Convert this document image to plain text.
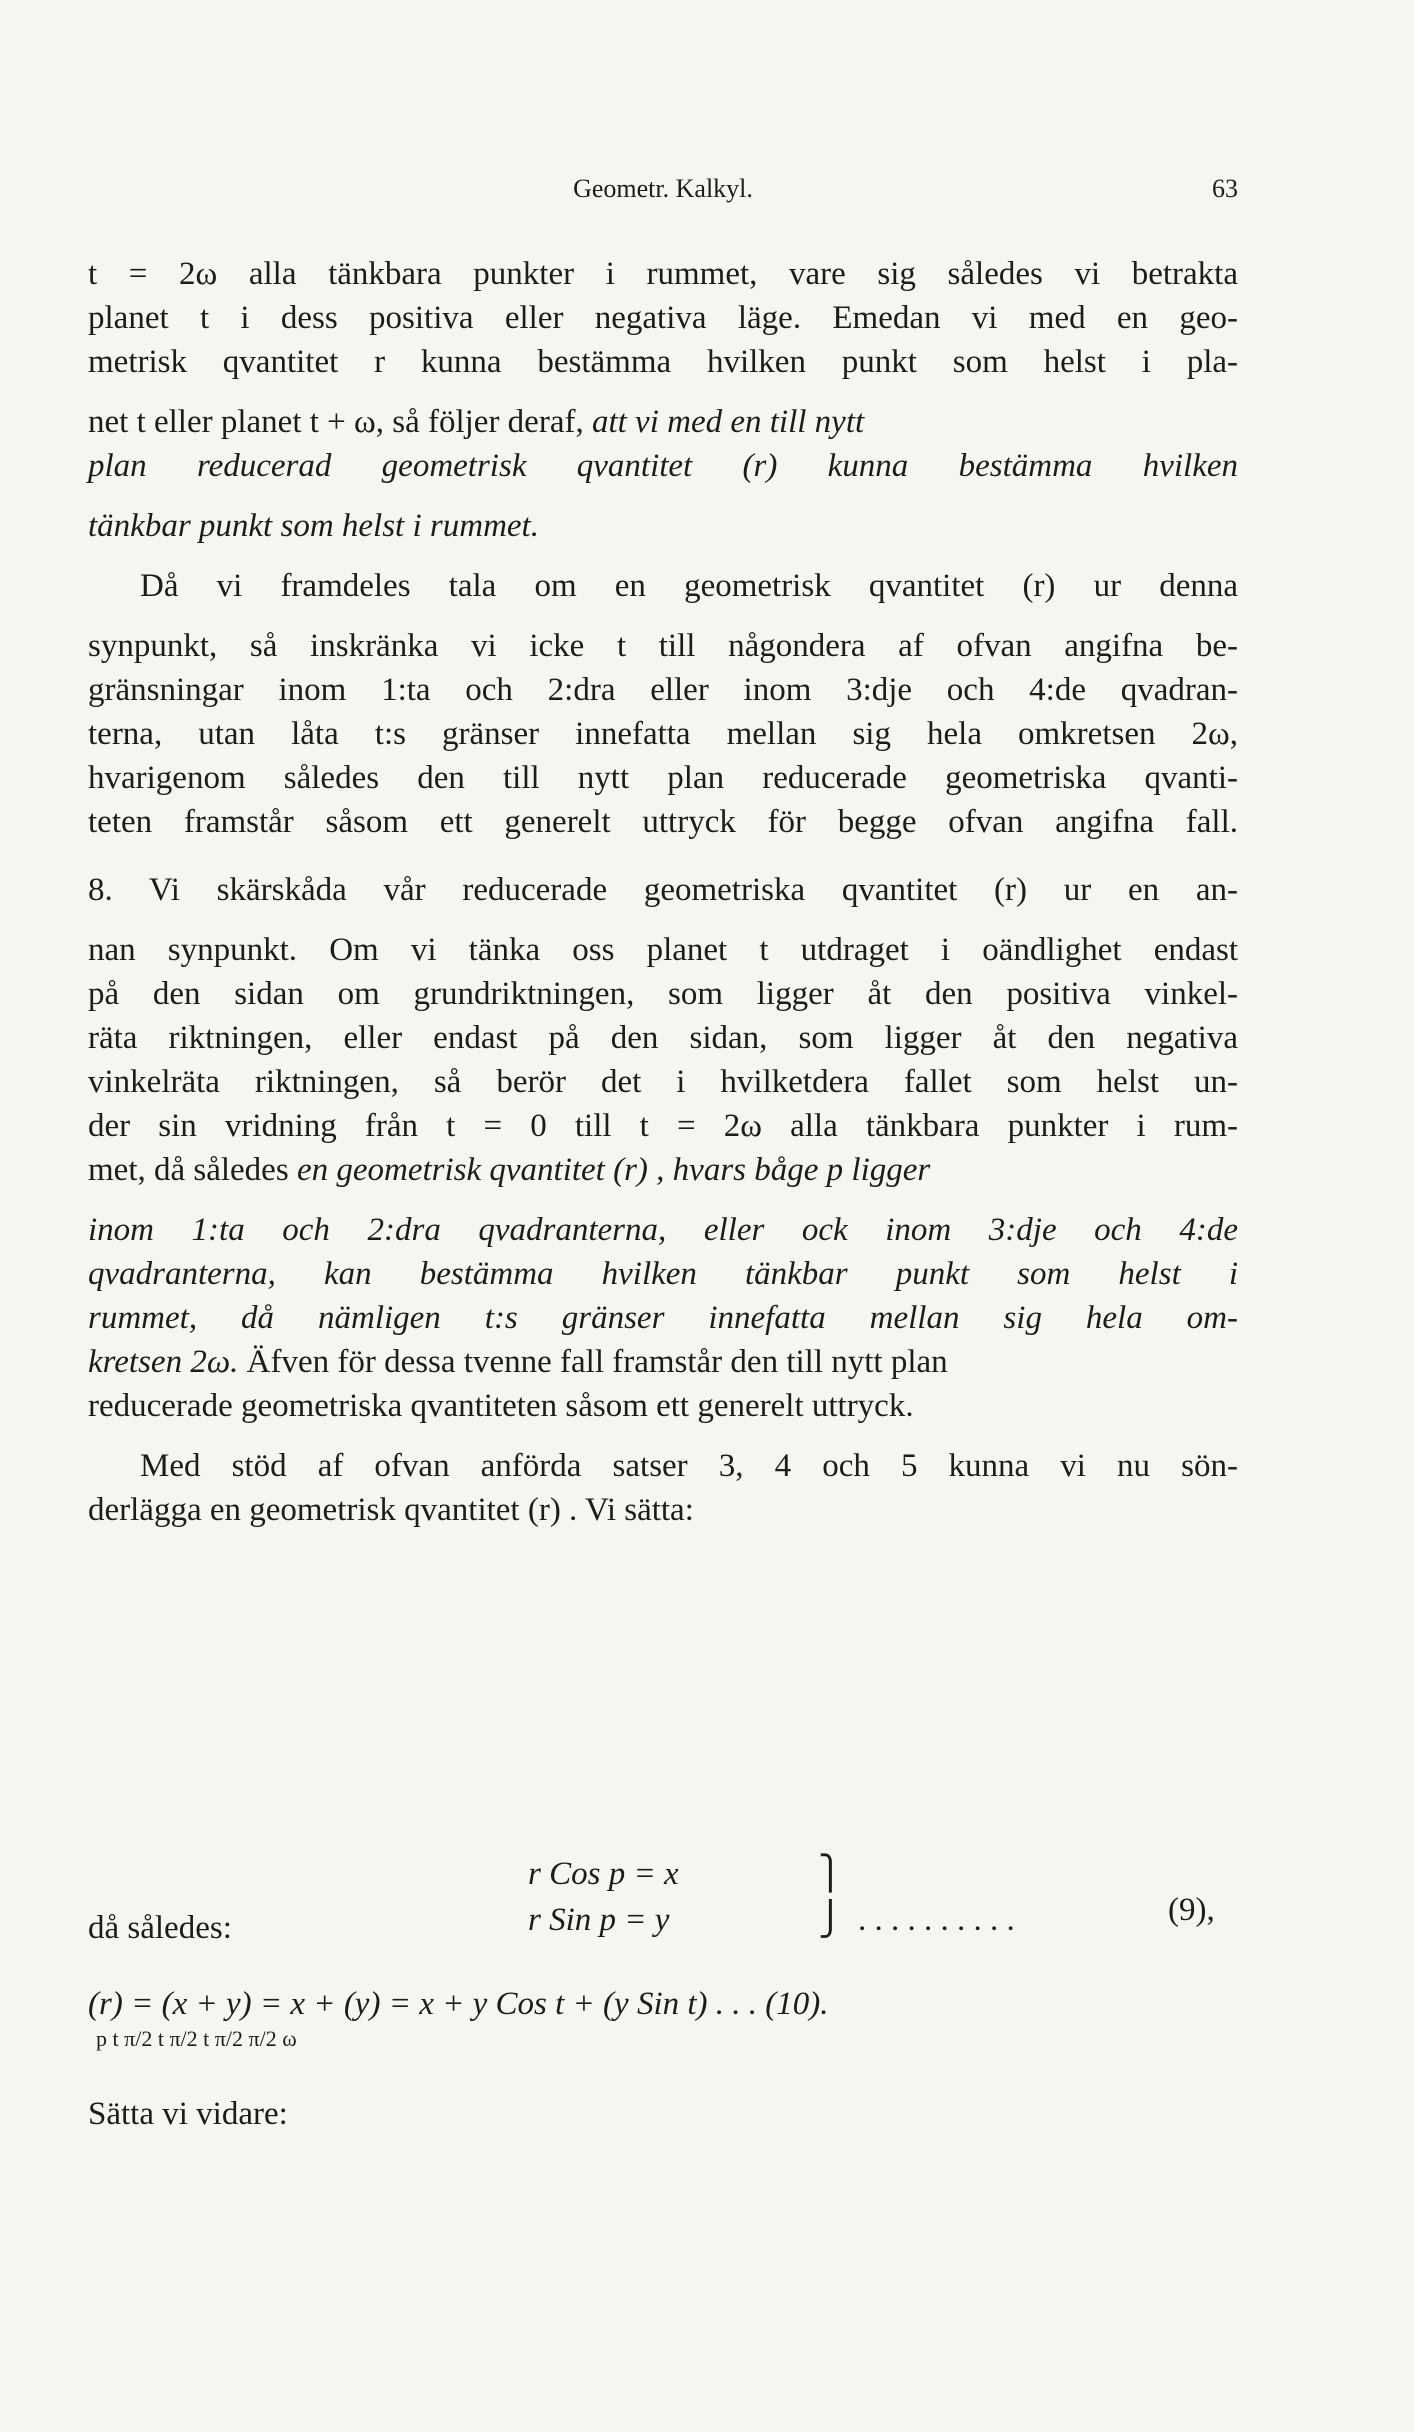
Geometr. Kalkyl.	63
t = 2ω alla tänkbara punkter i rummet, vare sig således vi betrakta
planet t i dess positiva eller negativa läge. Emedan vi med en geo-
metrisk qvantitet r kunna bestämma hvilken punkt som helst i pla-
net t eller planet t + ω, så följer deraf, att vi med en till nytt
plan reducerad geometrisk qvantitet (r) kunna bestämma hvilken
tänkbar punkt som helst i rummet.
Då vi framdeles tala om en geometrisk qvantitet (r) ur denna
synpunkt, så inskränka vi icke t till någondera af ofvan angifna be-
gränsningar inom 1:ta och 2:dra eller inom 3:dje och 4:de qvadran-
terna, utan låta t:s gränser innefatta mellan sig hela omkretsen 2ω,
hvarigenom således den till nytt plan reducerade geometriska qvanti-
teten framstår såsom ett generelt uttryck för begge ofvan angifna fall.
8. Vi skärskåda vår reducerade geometriska qvantitet (r) ur en an-
nan synpunkt. Om vi tänka oss planet t utdraget i oändlighet endast
på den sidan om grundriktningen, som ligger åt den positiva vinkel-
räta riktningen, eller endast på den sidan, som ligger åt den negativa
vinkelräta riktningen, så berör det i hvilketdera fallet som helst un-
der sin vridning från t = 0 till t = 2ω alla tänkbara punkter i rum-
met, då således en geometrisk qvantitet (r) , hvars båge p ligger
inom 1:ta och 2:dra qvadranterna, eller ock inom 3:dje och 4:de
qvadranterna, kan bestämma hvilken tänkbar punkt som helst i
rummet, då nämligen t:s gränser innefatta mellan sig hela om-
kretsen 2ω. Äfven för dessa tvenne fall framstår den till nytt plan
reducerade geometriska qvantiteten såsom ett generelt uttryck.
Med stöd af ofvan anförda satser 3, 4 och 5 kunna vi nu sön-
derlägga en geometrisk qvantitet (r) . Vi sätta:
r Cos p = x	⎫
r Sin p = y	⎭ . . . . . . . . . .	(9),
då således:
(r) = (x + y) = x + (y) = x + y Cos t + (y Sin t) . . . (10).
p t π/2 t π/2 t π/2 π/2 ω
Sätta vi vidare:
